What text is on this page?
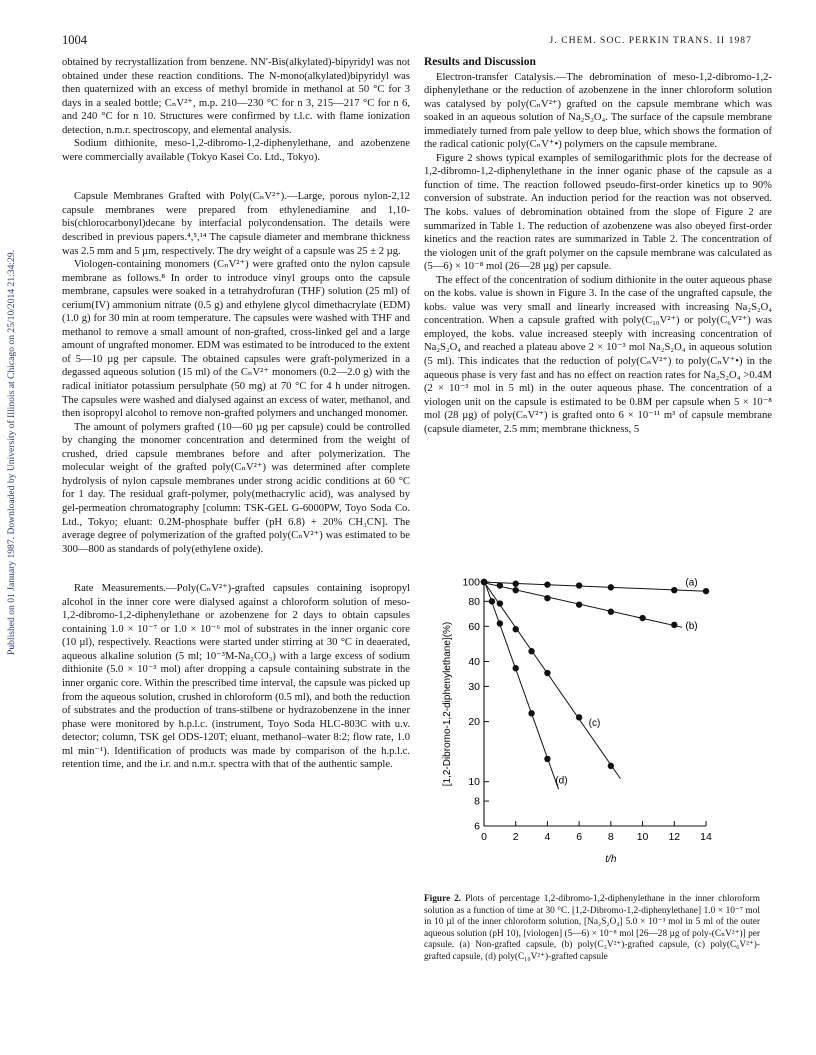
1004	J. CHEM. SOC. PERKIN TRANS. II 1987
Published on 01 January 1987. Downloaded by University of Illinois at Chicago on 25/10/2014 21:34:29.

obtained by recrystallization from benzene. NN′-Bis(alkylated)-bipyridyl was not obtained under these reaction conditions. The N-mono(alkylated)bipyridyl was then quaternized with an excess of methyl bromide in methanol at 50 °C for 3 days in a sealed bottle; CₙV²⁺, m.p. 210—230 °C for n 3, 215—217 °C for n 6, and 240 °C for n 10. Structures were confirmed by t.l.c. with flame ionization detection, n.m.r. spectroscopy, and elemental analysis.

Sodium dithionite, meso-1,2-dibromo-1,2-diphenylethane, and azobenzene were commercially available (Tokyo Kasei Co. Ltd., Tokyo).

Capsule Membranes Grafted with Poly(CₙV²⁺).—Large, porous nylon-2,12 capsule membranes were prepared from ethylenediamine and 1,10-bis(chlorocarbonyl)decane by interfacial polycondensation. The details were described in previous papers.⁴,⁵,¹⁴ The capsule diameter and membrane thickness was 2.5 mm and 5 µm, respectively. The dry weight of a capsule was 25 ± 2 µg.

Viologen-containing monomers (CₙV²⁺) were grafted onto the nylon capsule membrane as follows.⁸ In order to introduce vinyl groups onto the capsule membrane, capsules were soaked in a tetrahydrofuran (THF) solution (25 ml) of cerium(IV) ammonium nitrate (0.5 g) and ethylene glycol dimethacrylate (EDM) (1.0 g) for 30 min at room temperature. The capsules were washed with THF and methanol to remove a small amount of non-grafted, cross-linked gel and a large amount of ungrafted monomer. EDM was estimated to be introduced to the extent of 5—10 µg per capsule. The obtained capsules were graft-polymerized in a degassed aqueous solution (15 ml) of the CₙV²⁺ monomers (0.2—2.0 g) with the radical initiator potassium persulphate (50 mg) at 70 °C for 4 h under nitrogen. The capsules were washed and dialysed against an excess of water, methanol, and then isopropyl alcohol to remove non-grafted polymers and unchanged monomer.

The amount of polymers grafted (10—60 µg per capsule) could be controlled by changing the monomer concentration and determined from the weight of crushed, dried capsule membranes before and after polymerization. The molecular weight of the grafted poly(CₙV²⁺) was determined after complete hydrolysis of nylon capsule membranes under strong acidic conditions at 60 °C for 1 day. The residual graft-polymer, poly(methacrylic acid), was analysed by gel-permeation chromatography [column: TSK-GEL G-6000PW, Toyo Soda Co. Ltd., Tokyo; eluant: 0.2M-phosphate buffer (pH 6.8) + 20% CH₃CN]. The average degree of polymerization of the grafted poly(CₙV²⁺) was estimated to be 300—800 as standards of poly(ethylene oxide).

Rate Measurements.—Poly(CₙV²⁺)-grafted capsules containing isopropyl alcohol in the inner core were dialysed against a chloroform solution of meso-1,2-dibromo-1,2-diphenylethane or azobenzene for 2 days to obtain capsules containing 1.0 × 10⁻⁷ or 1.0 × 10⁻⁶ mol of substrates in the inner organic core (10 µl), respectively. Reactions were started under stirring at 30 °C in deaerated, aqueous alkaline solution (5 ml; 10⁻³M-Na₂CO₃) with a large excess of sodium dithionite (5.0 × 10⁻³ mol) after dropping a capsule containing substrate in the inner organic core. Within the prescribed time interval, the capsule was picked up from the aqueous solution, crushed in chloroform (0.5 ml), and both the reduction of substrates and the production of trans-stilbene or hydrazobenzene in the inner phase were monitored by h.p.l.c. (instrument, Toyo Soda HLC-803C with u.v. detector; column, TSK gel ODS-120T; eluant, methanol–water 8:2; flow rate, 1.0 ml min⁻¹). Identification of products was made by comparison of the h.p.l.c. retention time, and the i.r. and n.m.r. spectra with that of the authentic sample.

Results and Discussion

Electron-transfer Catalysis.—The debromination of meso-1,2-dibromo-1,2-diphenylethane or the reduction of azobenzene in the inner chloroform solution was catalysed by poly(CₙV²⁺) grafted on the capsule membrane which was soaked in an aqueous solution of Na₂S₂O₄. The surface of the capsule membrane immediately turned from pale yellow to deep blue, which shows the formation of the radical cationic poly(CₙV⁺•) polymers on the capsule membrane.

Figure 2 shows typical examples of semilogarithmic plots for the decrease of 1,2-dibromo-1,2-diphenylethane in the inner oganic phase of the capsule as a function of time. The reaction followed pseudo-first-order kinetics up to 90% conversion of substrate. An induction period for the reaction was not observed. The kobs. values of debromination obtained from the slope of Figure 2 are summarized in Table 1. The reduction of azobenzene was also obeyed first-order kinetics and the reaction rates are summarized in Table 2. The concentration of the viologen unit of the graft polymer on the capsule membrane was calculated as (5—6) × 10⁻⁸ mol (26—28 µg) per capsule.

The effect of the concentration of sodium dithionite in the outer aqueous phase on the kobs. value is shown in Figure 3. In the case of the ungrafted capsule, the kobs. value was very small and linearly increased with increasing Na₂S₂O₄ concentration. When a capsule grafted with poly(C₁₀V²⁺) or poly(C₆V²⁺) was employed, the kobs. value increased steeply with increasing concentration of Na₂S₂O₄ and reached a plateau above 2 × 10⁻³ mol Na₂S₂O₄ in aqueous solution (5 ml). This indicates that the reduction of poly(CₙV²⁺) to poly(CₙV⁺•) in the aqueous phase is very fast and has no effect on reaction rates for Na₂S₂O₄ >0.4M (2 × 10⁻³ mol in 5 ml) in the outer aqueous phase. The concentration of a viologen unit on the capsule is estimated to be 0.8M per capsule when 5 × 10⁻⁸ mol (28 µg) of poly(CₙV²⁺) is grafted onto 6 × 10⁻¹¹ m³ of capsule membrane (capsule diameter, 2.5 mm; membrane thickness, 5

0 2 4 6 8 10 12 14
6
8
10
20
30
40
60
80
100
t/h
[1,2-Dibromo-1,2-diphenylethane](%)
(a)
(b)
(c)
(d)
Figure 2. Plots of percentage 1,2-dibromo-1,2-diphenylethane in the inner chloroform solution as a function of time at 30 °C. [1,2-Dibromo-1,2-diphenylethane] 1.0 × 10⁻⁷ mol in 10 µl of the inner chloroform solution, [Na₂S₂O₄] 5.0 × 10⁻³ mol in 5 ml of the outer aqueous solution (pH 10), [viologen] (5—6) × 10⁻⁸ mol [26—28 µg of poly-(CₙV²⁺)] per capsule. (a) Non-grafted capsule, (b) poly(C₃V²⁺)-grafted capsule, (c) poly(C₆V²⁺)-grafted capsule, (d) poly(C₁₀V²⁺)-grafted capsule
